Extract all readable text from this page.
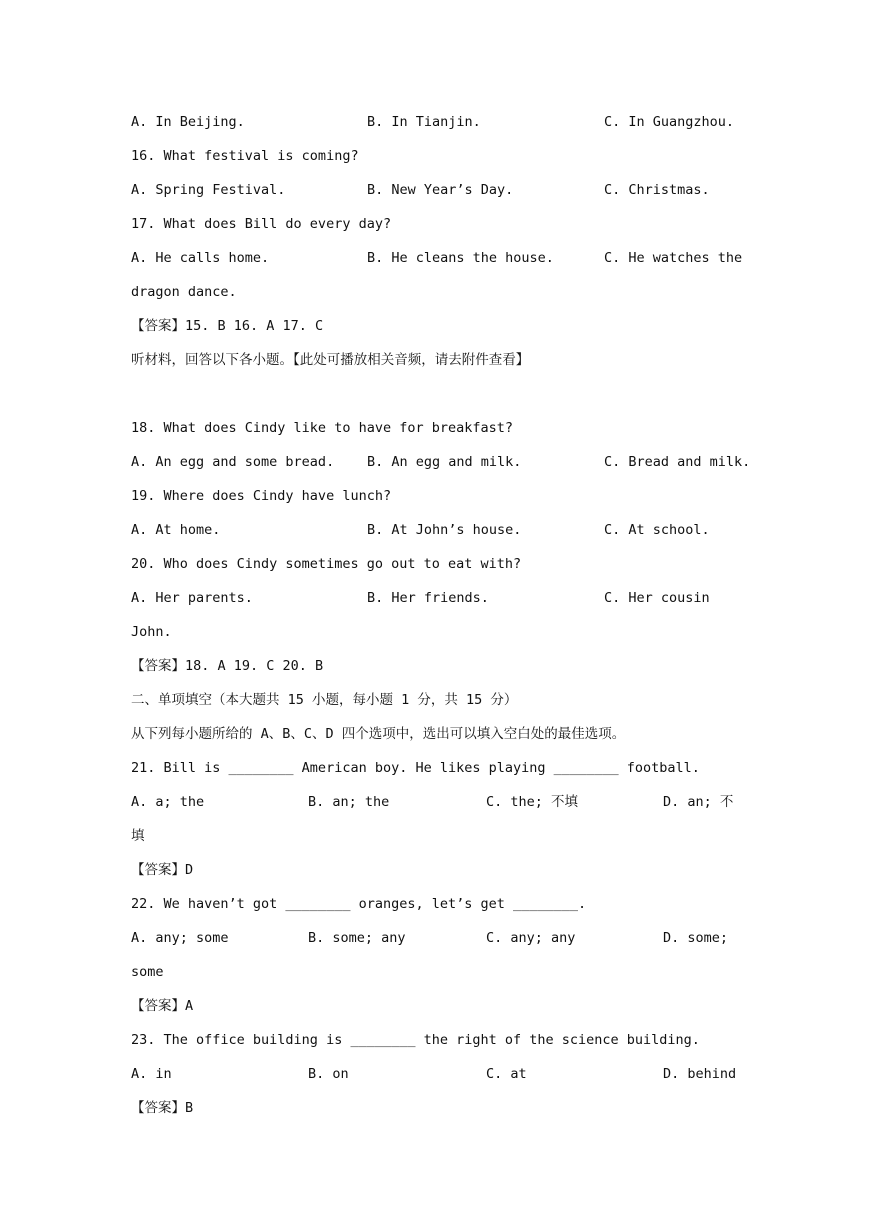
A. In Beijing.	B. In Tianjin.	C. In Guangzhou.
16. What festival is coming?
A. Spring Festival.	B. New Year’s Day.	C. Christmas.
17. What does Bill do every day?
A. He calls home.	B. He cleans the house.	C. He watches the
dragon dance.
【答案】15. B 16. A 17. C
听材料，回答以下各小题。【此处可播放相关音频，请去附件查看】
18. What does Cindy like to have for breakfast?
A. An egg and some bread. B. An egg and milk.	C. Bread and milk.
19. Where does Cindy have lunch?
A. At home.	B. At John’s house.	C. At school.
20. Who does Cindy sometimes go out to eat with?
A. Her parents.	B. Her friends.	C. Her cousin
John.
【答案】18. A 19. C 20. B
二、单项填空（本大题共 15 小题，每小题 1 分，共 15 分）
从下列每小题所给的 A、B、C、D 四个选项中，选出可以填入空白处的最佳选项。
21. Bill is ________ American boy. He likes playing ________ football.
A. a; the	B. an; the	C. the; 不填	D. an; 不
填
【答案】D
22. We haven’t got ________ oranges, let’s get ________.
A. any; some	B. some; any	C. any; any	D. some;
some
【答案】A
23. The office building is ________ the right of the science building.
A. in	B. on	C. at	D. behind
【答案】B
